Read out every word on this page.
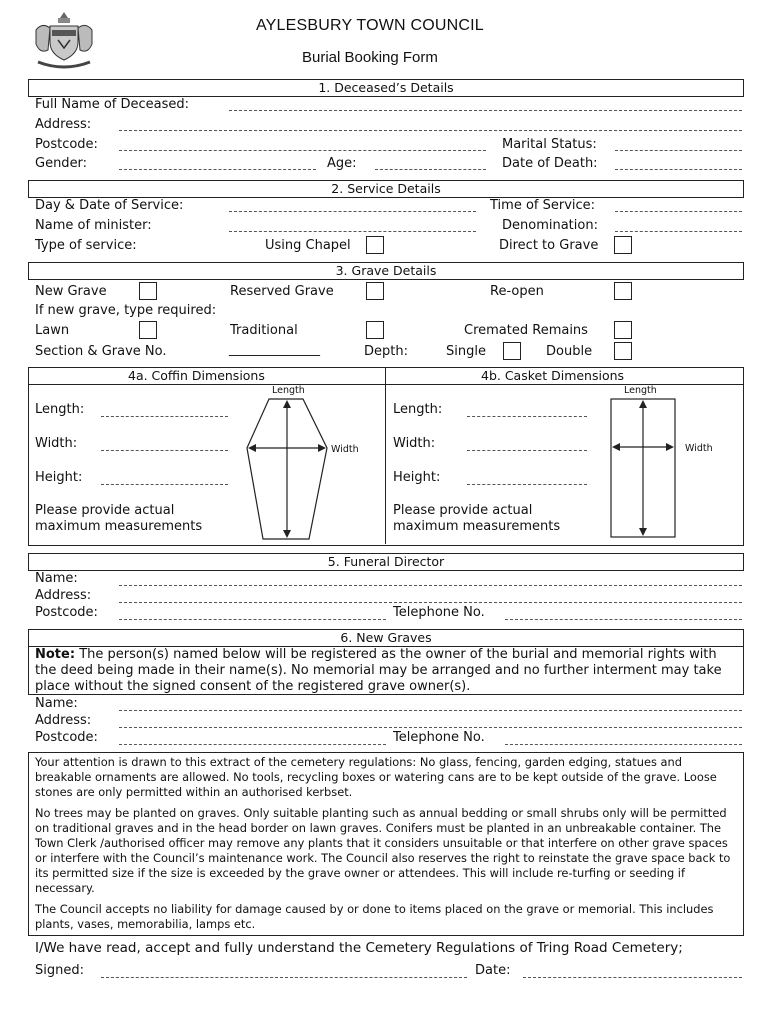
AYLESBURY TOWN COUNCIL
Burial Booking Form
1. Deceased’s Details
Full Name of Deceased:
Address:
Postcode:	Marital Status:
Gender:	Age:	Date of Death:
2. Service Details
Day & Date of Service:	Time of Service:
Name of minister:	Denomination:
Type of service:	Using Chapel	Direct to Grave
3. Grave Details
New Grave	Reserved Grave	Re-open
If new grave, type required:
Lawn	Traditional	Cremated Remains
Section & Grave No.	______________	Depth:	Single	Double
4a. Coffin Dimensions	4b. Casket Dimensions
Length:
Width:
Height:
Please provide actual
maximum measurements
Length
Width
Length:
Width:
Height:
Please provide actual
maximum measurements
Length
Width
5. Funeral Director
Name:
Address:
Postcode:	Telephone No.
6. New Graves
Note: The person(s) named below will be registered as the owner of the burial and memorial rights with the deed being made in their name(s). No memorial may be arranged and no further interment may take place without the signed consent of the registered grave owner(s).
Name:
Address:
Postcode:	Telephone No.
Your attention is drawn to this extract of the cemetery regulations: No glass, fencing, garden edging, statues and breakable ornaments are allowed. No tools, recycling boxes or watering cans are to be kept outside of the grave. Loose stones are only permitted within an authorised kerbset.
No trees may be planted on graves. Only suitable planting such as annual bedding or small shrubs only will be permitted on traditional graves and in the head border on lawn graves. Conifers must be planted in an unbreakable container. The Town Clerk /authorised officer may remove any plants that it considers unsuitable or that interfere on other grave spaces or interfere with the Council’s maintenance work. The Council also reserves the right to reinstate the grave space back to its permitted size if the size is exceeded by the grave owner or attendees. This will include re-turfing or seeding if necessary.
The Council accepts no liability for damage caused by or done to items placed on the grave or memorial. This includes plants, vases, memorabilia, lamps etc.
I/We have read, accept and fully understand the Cemetery Regulations of Tring Road Cemetery;
Signed:	Date:
